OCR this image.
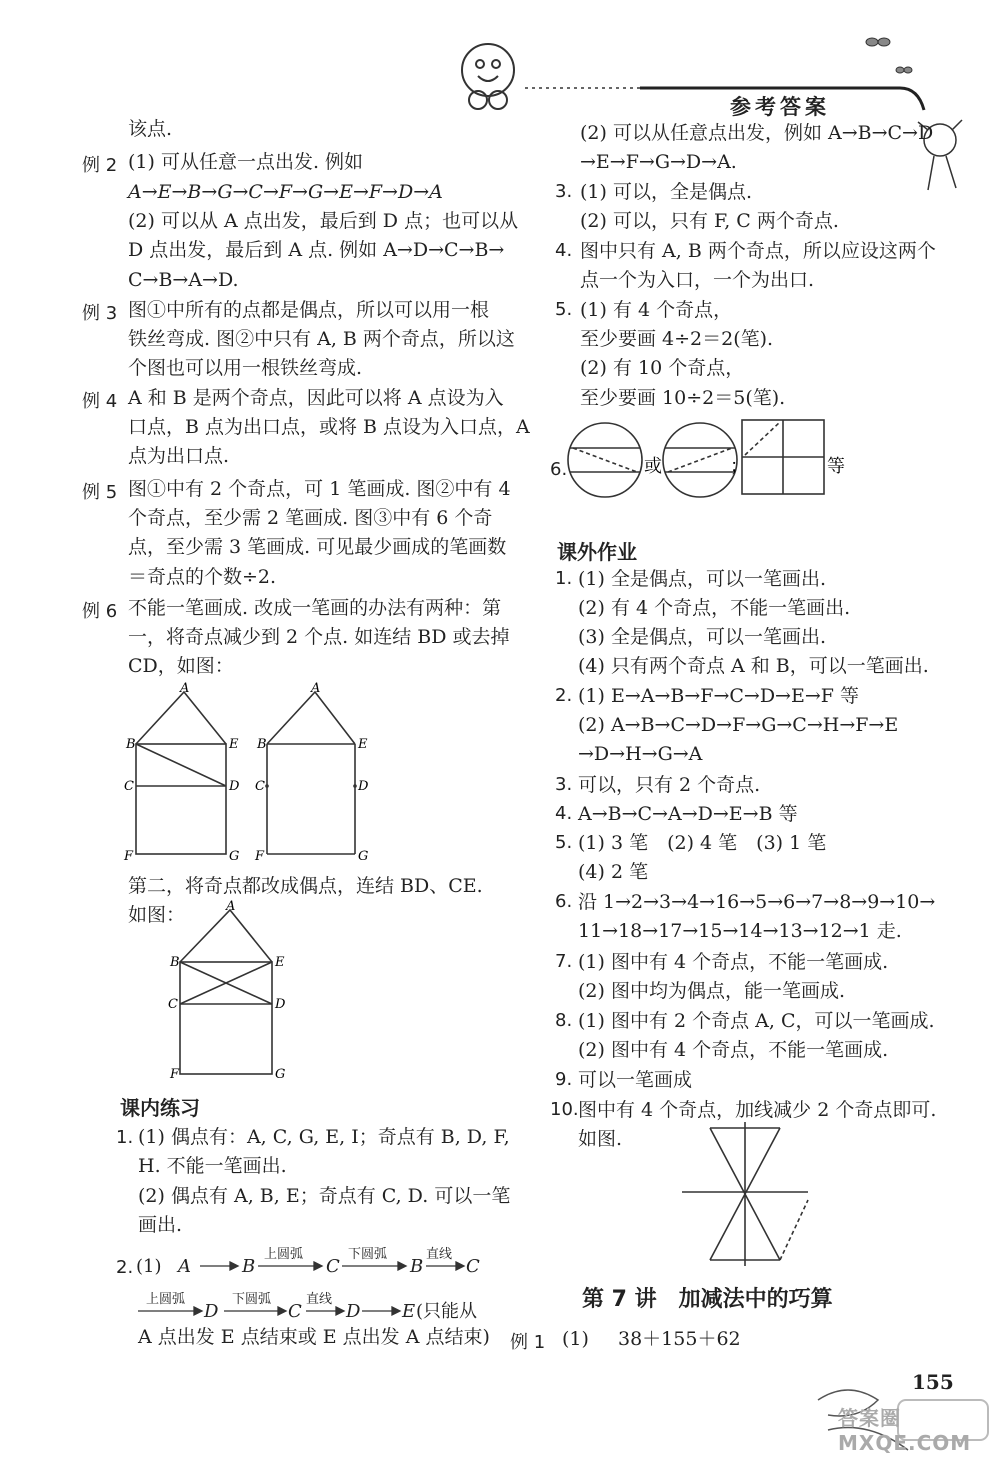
参考答案
该点.
例 2 (1) 可从任意一点出发. 例如
A→E→B→G→C→F→G→E→F→D→A
(2) 可以从 A 点出发，最后到 D 点；也可以从
D 点出发，最后到 A 点. 例如 A→D→C→B→
C→B→A→D.
例 3 图①中所有的点都是偶点，所以可以用一根
铁丝弯成. 图②中只有 A, B 两个奇点，所以这
个图也可以用一根铁丝弯成.
例 4 A 和 B 是两个奇点，因此可以将 A 点设为入
口点，B 点为出口点，或将 B 点设为入口点，A
点为出口点.
例 5 图①中有 2 个奇点，可 1 笔画成. 图②中有 4
个奇点，至少需 2 笔画成. 图③中有 6 个奇
点，至少需 3 笔画成. 可见最少画成的笔画数
＝奇点的个数÷2.
例 6 不能一笔画成. 改成一笔画的办法有两种：第
一，将奇点减少到 2 个点. 如连结 BD 或去掉
CD，如图：
A
B	E
C	D
F	G
A
B	E
C	D
F	G
第二，将奇点都改成偶点，连结 BD、CE.
如图：	A
B	E
C	D
F	G
课内练习
1. (1) 偶点有：A, C, G, E, I；奇点有 B, D, F,
H. 不能一笔画出.
(2) 偶点有 A, B, E；奇点有 C, D. 可以一笔
画出.
2. (1) A	B	C	B C
D	C D E (只能从
上圆弧	下圆弧	直线
上圆弧	下圆弧	直线
A 点出发 E 点结束或 E 点出发 A 点结束)
(2) 可以从任意点出发，例如 A→B→C→D
→E→F→G→D→A.
3. (1) 可以，全是偶点.
(2) 可以，只有 F, C 两个奇点.
4. 图中只有 A, B 两个奇点，所以应设这两个
点一个为入口，一个为出口.
5. (1) 有 4 个奇点，
至少要画 4÷2＝2(笔).
(2) 有 10 个奇点，
至少要画 10÷2＝5(笔).
6.	或	；	等
课外作业
1. (1) 全是偶点，可以一笔画出.
(2) 有 4 个奇点，不能一笔画出.
(3) 全是偶点，可以一笔画出.
(4) 只有两个奇点 A 和 B，可以一笔画出.
2. (1) E→A→B→F→C→D→E→F 等
(2) A→B→C→D→F→G→C→H→F→E
→D→H→G→A
3. 可以，只有 2 个奇点.
4. A→B→C→A→D→E→B 等
5. (1) 3 笔　(2) 4 笔　(3) 1 笔
(4) 2 笔
6. 沿 1→2→3→4→16→5→6→7→8→9→10→
11→18→17→15→14→13→12→1 走.
7. (1) 图中有 4 个奇点，不能一笔画成.
(2) 图中均为偶点，能一笔画成.
8. (1) 图中有 2 个奇点 A, C，可以一笔画成.
(2) 图中有 4 个奇点，不能一笔画成.
9. 可以一笔画成
10. 图中有 4 个奇点，加线减少 2 个奇点即可.
如图.
第 7 讲　加减法中的巧算
例 1 (1) 38＋155＋62
155
答案圈 MXQE.COM
